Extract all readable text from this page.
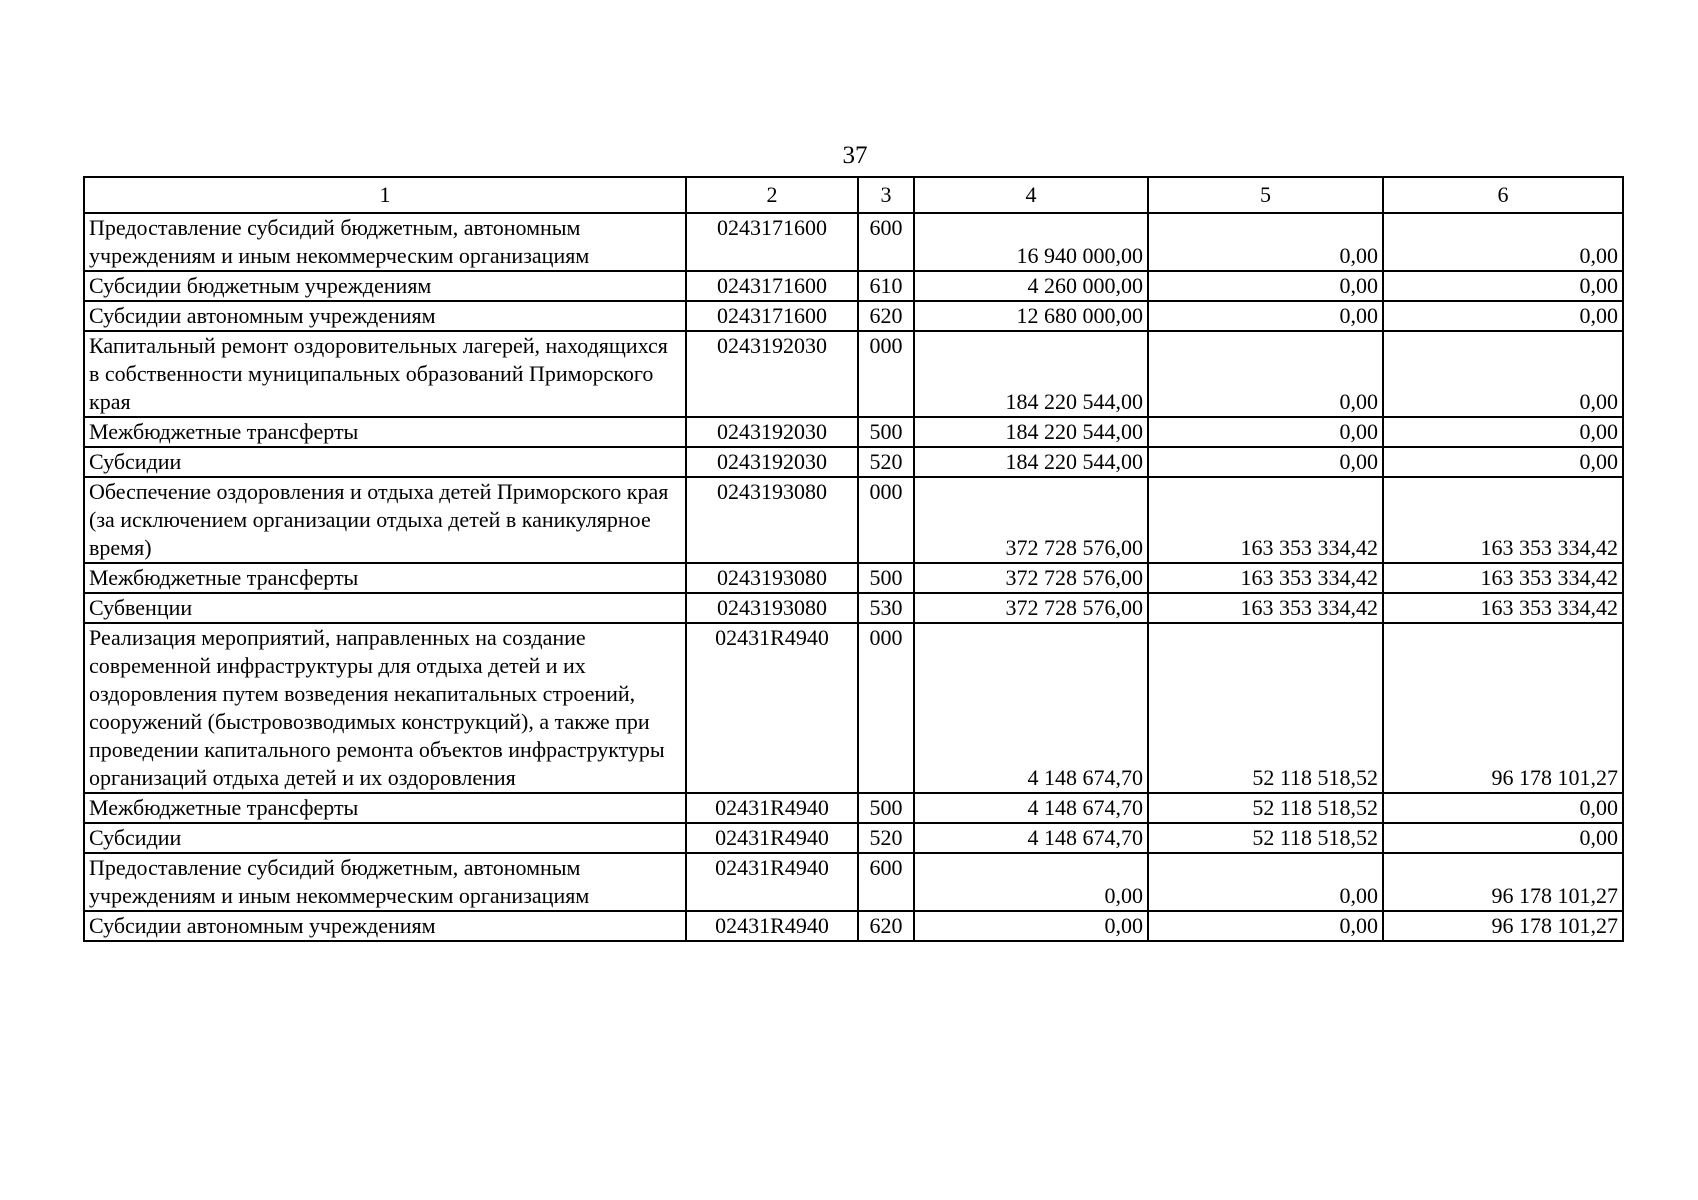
37
1	2	3	4	5	6
Предоставление субсидий бюджетным, автономным учреждениям и иным некоммерческим организациям	0243171600	600	16 940 000,00	0,00	0,00
Субсидии бюджетным учреждениям	0243171600	610	4 260 000,00	0,00	0,00
Субсидии автономным учреждениям	0243171600	620	12 680 000,00	0,00	0,00
Капитальный ремонт оздоровительных лагерей, находящихся в собственности муниципальных образований Приморского края	0243192030	000	184 220 544,00	0,00	0,00
Межбюджетные трансферты	0243192030	500	184 220 544,00	0,00	0,00
Субсидии	0243192030	520	184 220 544,00	0,00	0,00
Обеспечение оздоровления и отдыха детей Приморского края (за исключением организации отдыха детей в каникулярное время)	0243193080	000	372 728 576,00	163 353 334,42	163 353 334,42
Межбюджетные трансферты	0243193080	500	372 728 576,00	163 353 334,42	163 353 334,42
Субвенции	0243193080	530	372 728 576,00	163 353 334,42	163 353 334,42
Реализация мероприятий, направленных на создание современной инфраструктуры для отдыха детей и их оздоровления путем возведения некапитальных строений, сооружений (быстровозводимых конструкций), а также при проведении капитального ремонта объектов инфраструктуры организаций отдыха детей и их оздоровления	02431R4940	000	4 148 674,70	52 118 518,52	96 178 101,27
Межбюджетные трансферты	02431R4940	500	4 148 674,70	52 118 518,52	0,00
Субсидии	02431R4940	520	4 148 674,70	52 118 518,52	0,00
Предоставление субсидий бюджетным, автономным учреждениям и иным некоммерческим организациям	02431R4940	600	0,00	0,00	96 178 101,27
Субсидии автономным учреждениям	02431R4940	620	0,00	0,00	96 178 101,27
